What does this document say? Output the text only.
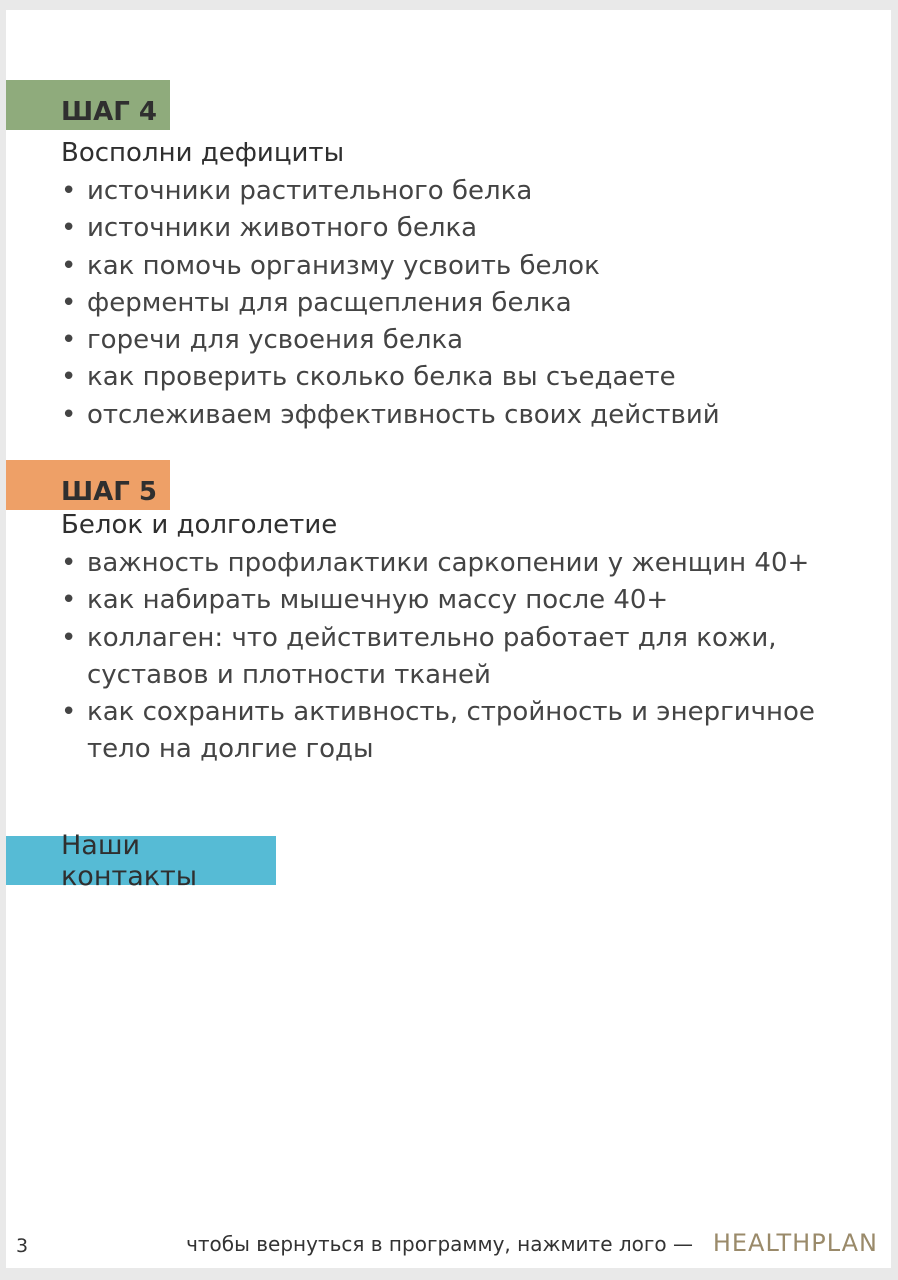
ШАГ 4
Восполни дефициты
• источники растительного белка
• источники животного белка
• как помочь организму усвоить белок
• ферменты для расщепления белка
• горечи для усвоения белка
• как проверить сколько белка вы съедаете
• отслеживаем эффективность своих действий
ШАГ 5
Белок и долголетие
• важность профилактики саркопении у женщин 40+
• как набирать мышечную массу после 40+
• коллаген: что действительно работает для кожи, суставов и плотности тканей
• как сохранить активность, стройность и энергичное тело на долгие годы
Наши контакты
3	чтобы вернуться в программу, нажмите лого — HEALTHPLAN
